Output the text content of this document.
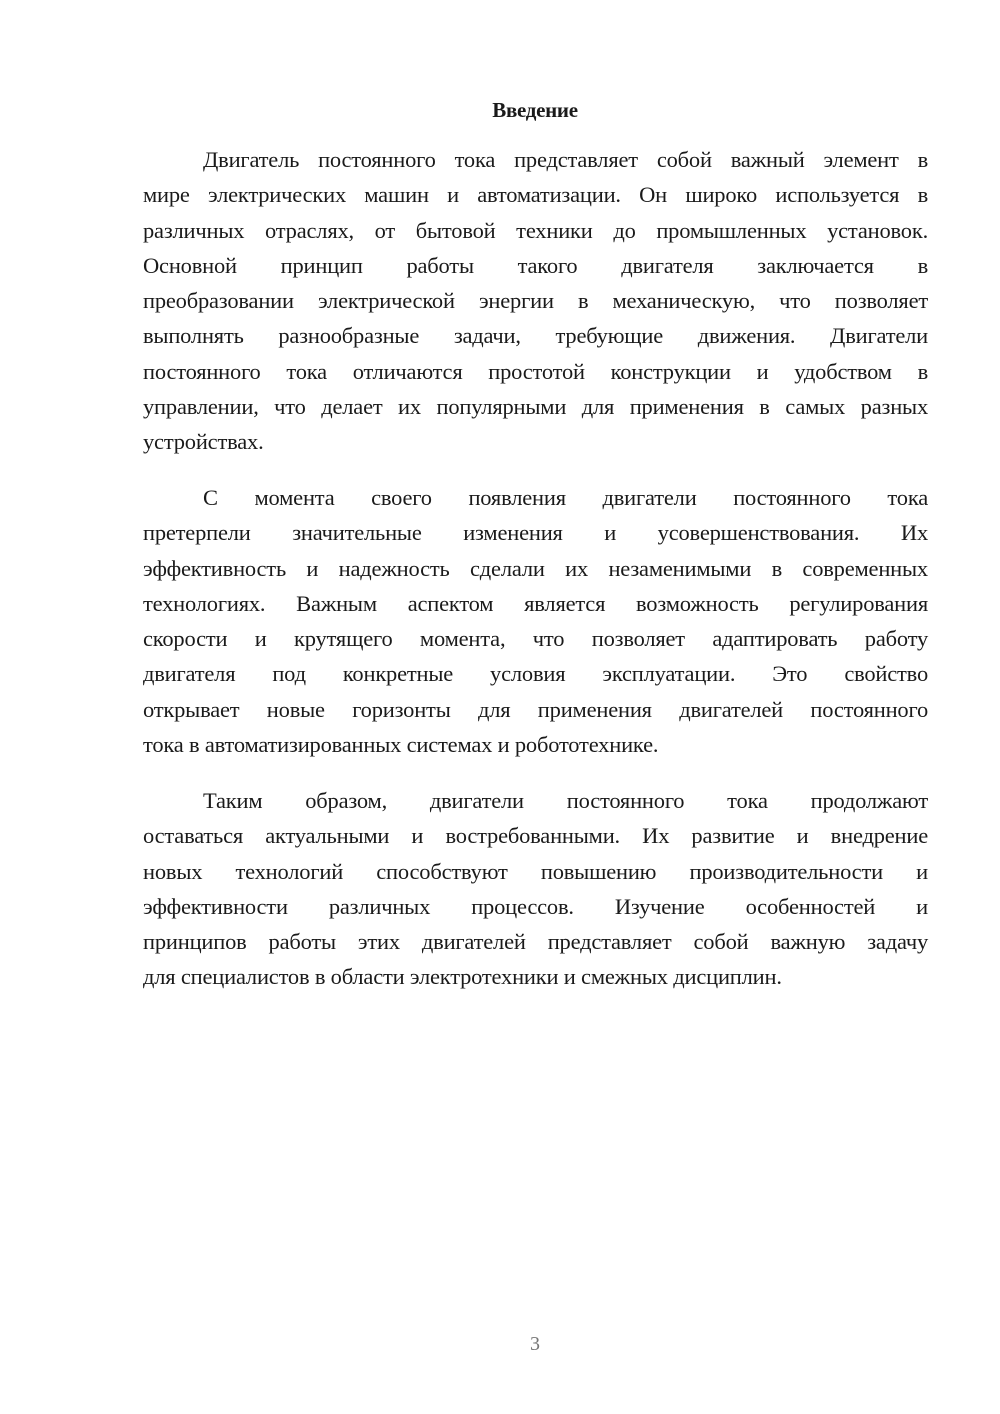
Введение
Двигатель постоянного тока представляет собой важный элемент в
мире электрических машин и автоматизации. Он широко используется в
различных отраслях, от бытовой техники до промышленных установок.
Основной принцип работы такого двигателя заключается в
преобразовании электрической энергии в механическую, что позволяет
выполнять разнообразные задачи, требующие движения. Двигатели
постоянного тока отличаются простотой конструкции и удобством в
управлении, что делает их популярными для применения в самых разных
устройствах.
С момента своего появления двигатели постоянного тока
претерпели значительные изменения и усовершенствования. Их
эффективность и надежность сделали их незаменимыми в современных
технологиях. Важным аспектом является возможность регулирования
скорости и крутящего момента, что позволяет адаптировать работу
двигателя под конкретные условия эксплуатации. Это свойство
открывает новые горизонты для применения двигателей постоянного
тока в автоматизированных системах и робототехнике.
Таким образом, двигатели постоянного тока продолжают
оставаться актуальными и востребованными. Их развитие и внедрение
новых технологий способствуют повышению производительности и
эффективности различных процессов. Изучение особенностей и
принципов работы этих двигателей представляет собой важную задачу
для специалистов в области электротехники и смежных дисциплин.
3
